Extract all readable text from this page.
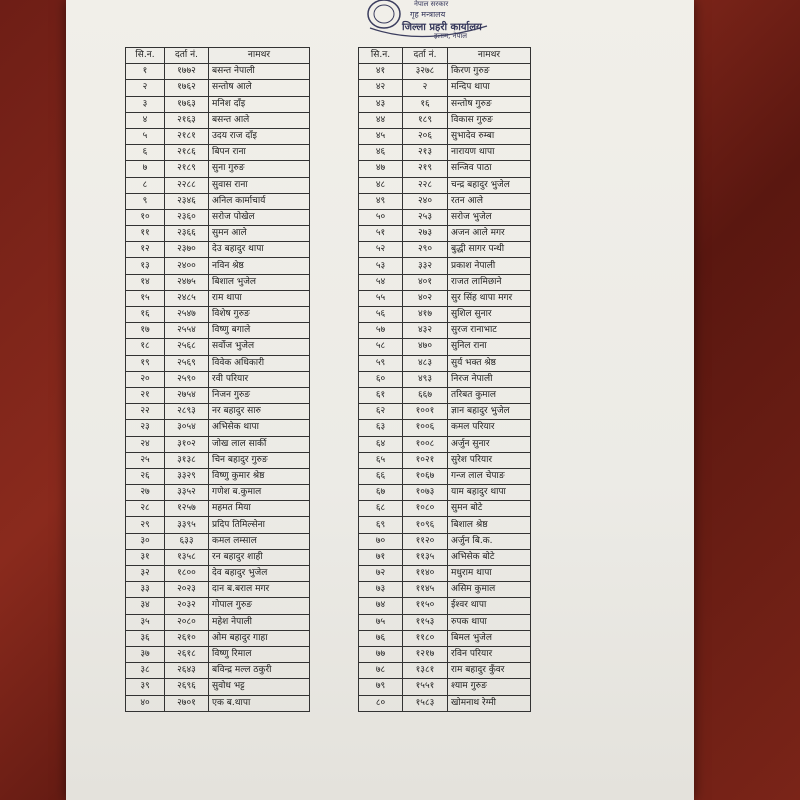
नेपाल सरकार
गृह मन्त्रालय
जिल्ला प्रहरी कार्यालय
इलाम, नेपाल
सि.न.	दर्ता नं.	नामथर
१	१७७२	बसन्त नेपाली
२	१७६२	सन्तोष आले
३	१७६३	मनिश दाँइ
४	२१६३	बसन्त आले
५	२१८१	उदय राज दाँइ
६	२१८६	बिपन राना
७	२१८९	सुना गुरुङ
८	२२८८	सुवास राना
९	२३४६	अनिल कार्माचार्य
१०	२३६०	सरोज पोखेल
११	२३६६	सुमन आले
१२	२३७०	देउ बहादुर थापा
१३	२४००	नविन श्रेष्ठ
१४	२४७५	बिशाल भुजेल
१५	२४८५	राम थापा
१६	२५४७	विशेष गुरुङ
१७	२५५४	विष्णु बगाले
१८	२५६८	सर्वोज भुजेल
१९	२५६९	विवेक अधिकारी
२०	२५९०	रवी परियार
२१	२७५४	निजन गुरुङ
२२	२८९३	नर बहादुर सारु
२३	३०५४	अभिसेक थापा
२४	३१०२	जोख लाल सार्की
२५	३१३८	चिन बहादुर गुरुङ
२६	३३२९	विष्णु कुमार श्रेष्ठ
२७	३३५२	गणेश ब.कुमाल
२८	१२५७	महमत मिया
२९	३३९५	प्रदिप तिमिल्सेना
३०	६३३	कमल लम्साल
३१	१३५८	रन बहादुर शाही
३२	१८००	देव बहादुर भुजेल
३३	२०२३	दान ब.बराल मगर
३४	२०३२	गोपाल गुरुङ
३५	२०८०	महेश नेपाली
३६	२६१०	ओम बहादुर गाहा
३७	२६१८	विष्णु रिमाल
३८	२६४३	बविन्द्र मल्ल ठकुरी
३९	२६९६	सुवोध भट्ट
४०	२७०१	एक ब.थापा
सि.न.	दर्ता नं.	नामथर
४१	३२७८	किरण गुरुङ
४२	२	मन्दिप थापा
४३	१६	सन्तोष गुरुङ
४४	१८९	विकास गुरुङ
४५	२०६	सुभादेव रुम्बा
४६	२१३	नारायण थापा
४७	२१९	सन्जिव पाठा
४८	२२८	चन्द्र बहादुर भुजेल
४९	२४०	रतन आले
५०	२५३	सरोज भुजेल
५१	२७३	अजन आले मगर
५२	२९०	बुद्धी सागर पन्थी
५३	३३२	प्रकाश नेपाली
५४	४०१	राजत लामिछाने
५५	४०२	सुर सिंह थापा मगर
५६	४१७	सुशिल सुनार
५७	४३२	सुरज रानाभाट
५८	४७०	सुनिल राना
५९	४८३	सुर्य भक्त श्रेष्ठ
६०	४९३	निरज नेपाली
६१	६६७	तरिबत कुमाल
६२	१००१	ज्ञान बहादुर भुजेल
६३	१००६	कमल परियार
६४	१००८	अर्जुन सुनार
६५	१०२१	सुरेश परियार
६६	१०६७	गन्ज लाल चेपाङ
६७	१०७३	याम बहादुर थापा
६८	१०८०	सुमन बोटे
६९	१०९६	बिशाल श्रेष्ठ
७०	११२०	अर्जुन बि.क.
७१	११३५	अभिसेक बोटे
७२	११४०	मधुराम थापा
७३	११४५	असिम कुमाल
७४	११५०	ईश्वर थापा
७५	११५३	रुपक थापा
७६	११८०	बिमल भुजेल
७७	१२१७	रविन परियार
७८	१३८१	राम बहादुर कुँवर
७९	१५५१	श्याम गुरुङ
८०	१५८३	खोमनाथ रेग्मी
